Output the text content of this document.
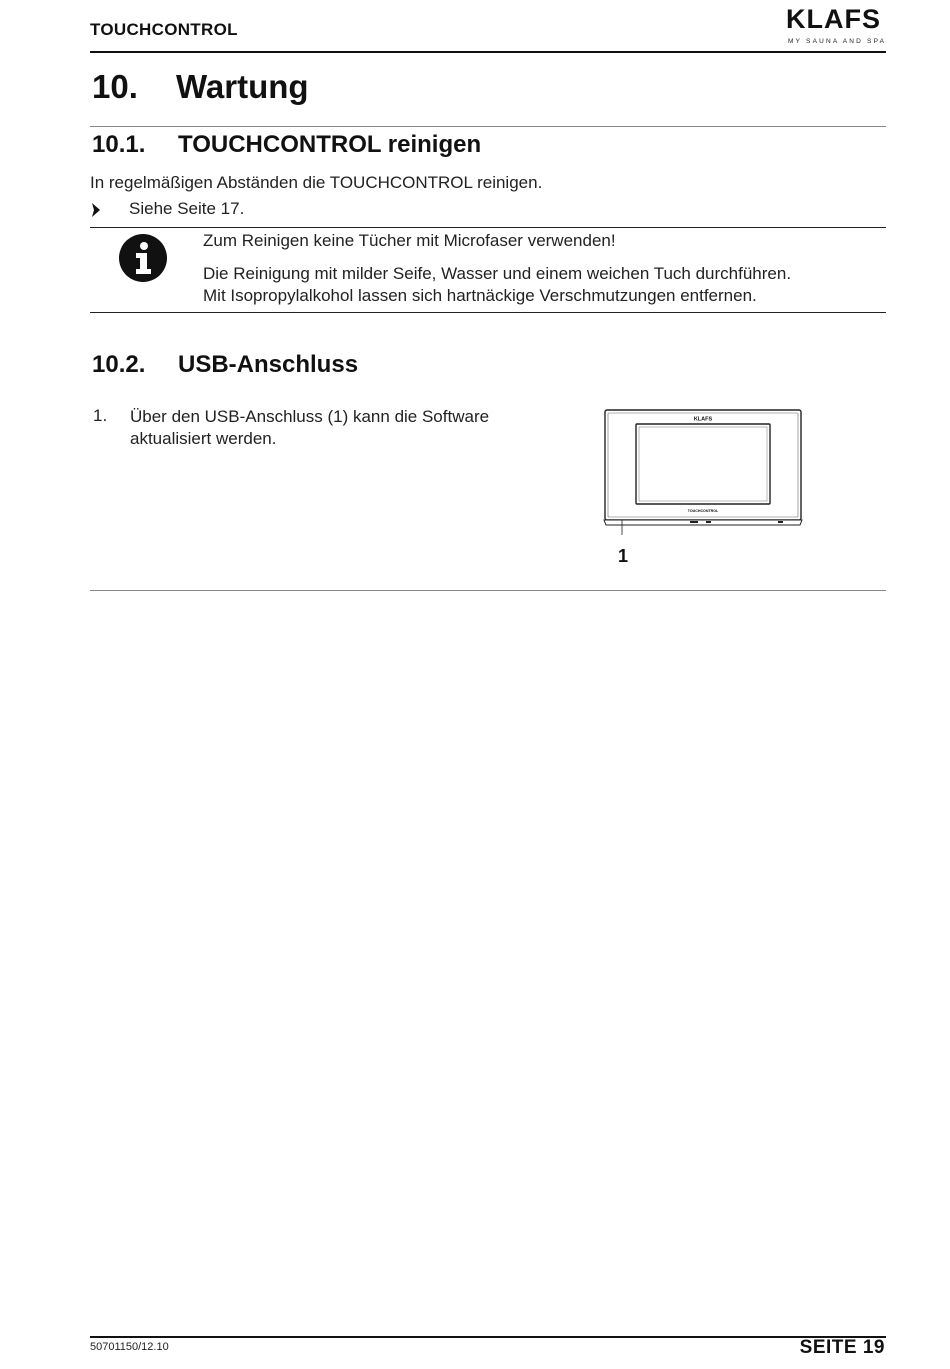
TOUCHCONTROL	KLAFS
MY SAUNA AND SPA
10. Wartung
10.1. TOUCHCONTROL reinigen
In regelmäßigen Abständen die TOUCHCONTROL reinigen.
Siehe Seite 17.
Zum Reinigen keine Tücher mit Microfaser verwenden!
Die Reinigung mit milder Seife, Wasser und einem weichen Tuch durchführen.
Mit Isopropylalkohol lassen sich hartnäckige Verschmutzungen entfernen.
10.2. USB-Anschluss
1. Über den USB-Anschluss (1) kann die Software aktualisiert werden.
KLAFS
TOUCHCONTROL
1
50701150/12.10	SEITE 19
